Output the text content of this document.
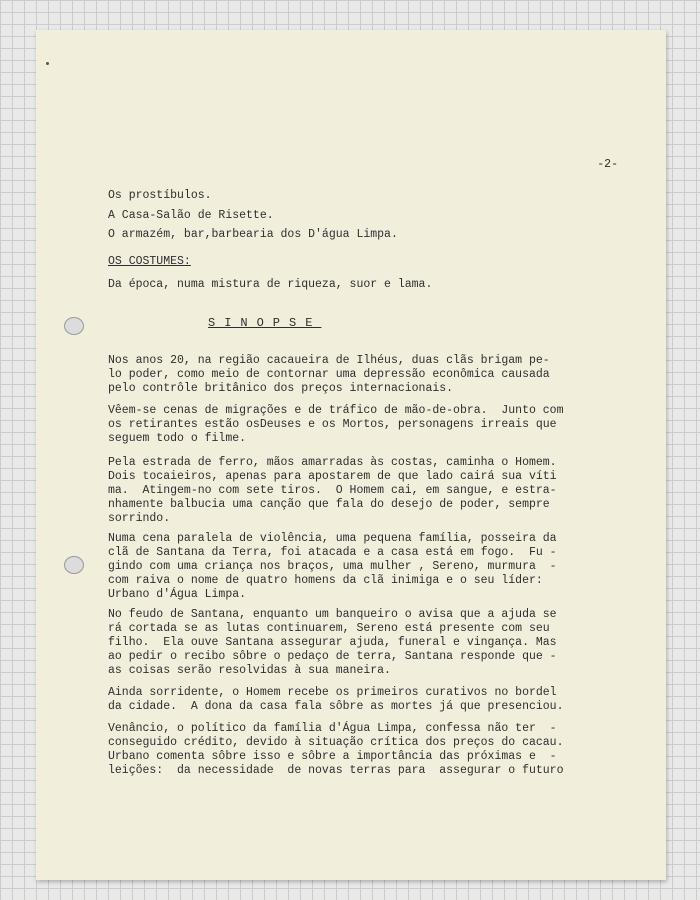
-2-
Os prostíbulos.
A Casa-Salão de Risette.
O armazém, bar,barbearia dos D'água Limpa.
OS COSTUMES:
Da época, numa mistura de riqueza, suor e lama.
Nos anos 20, na região cacaueira de Ilhéus, duas clãs brigam pe-
lo poder, como meio de contornar uma depressão econômica causada
pelo contrôle britânico dos preços internacionais.
Vêem-se cenas de migrações e de tráfico de mão-de-obra.  Junto com
os retirantes estão osDeuses e os Mortos, personagens irreais que
seguem todo o filme.
Pela estrada de ferro, mãos amarradas às costas, caminha o Homem.
Dois tocaieiros, apenas para apostarem de que lado cairá sua víti
ma.  Atingem-no com sete tiros.  O Homem cai, em sangue, e estra-
nhamente balbucia uma canção que fala do desejo de poder, sempre
sorrindo.
Numa cena paralela de violência, uma pequena família, posseira da
clã de Santana da Terra, foi atacada e a casa está em fogo.  Fu -
gindo com uma criança nos braços, uma mulher , Sereno, murmura  -
com raiva o nome de quatro homens da clã inimiga e o seu líder:
Urbano d'Água Limpa.
No feudo de Santana, enquanto um banqueiro o avisa que a ajuda se
rá cortada se as lutas continuarem, Sereno está presente com seu
filho.  Ela ouve Santana assegurar ajuda, funeral e vingança. Mas
ao pedir o recibo sôbre o pedaço de terra, Santana responde que -
as coisas serão resolvidas à sua maneira.
Ainda sorridente, o Homem recebe os primeiros curativos no bordel
da cidade.  A dona da casa fala sôbre as mortes já que presenciou.
Venâncio, o político da família d'Água Limpa, confessa não ter  -
conseguido crédito, devido à situação crítica dos preços do cacau.
Urbano comenta sôbre isso e sôbre a importância das próximas e  -
leições:  da necessidade  de novas terras para  assegurar o futuro
SINOPSE
